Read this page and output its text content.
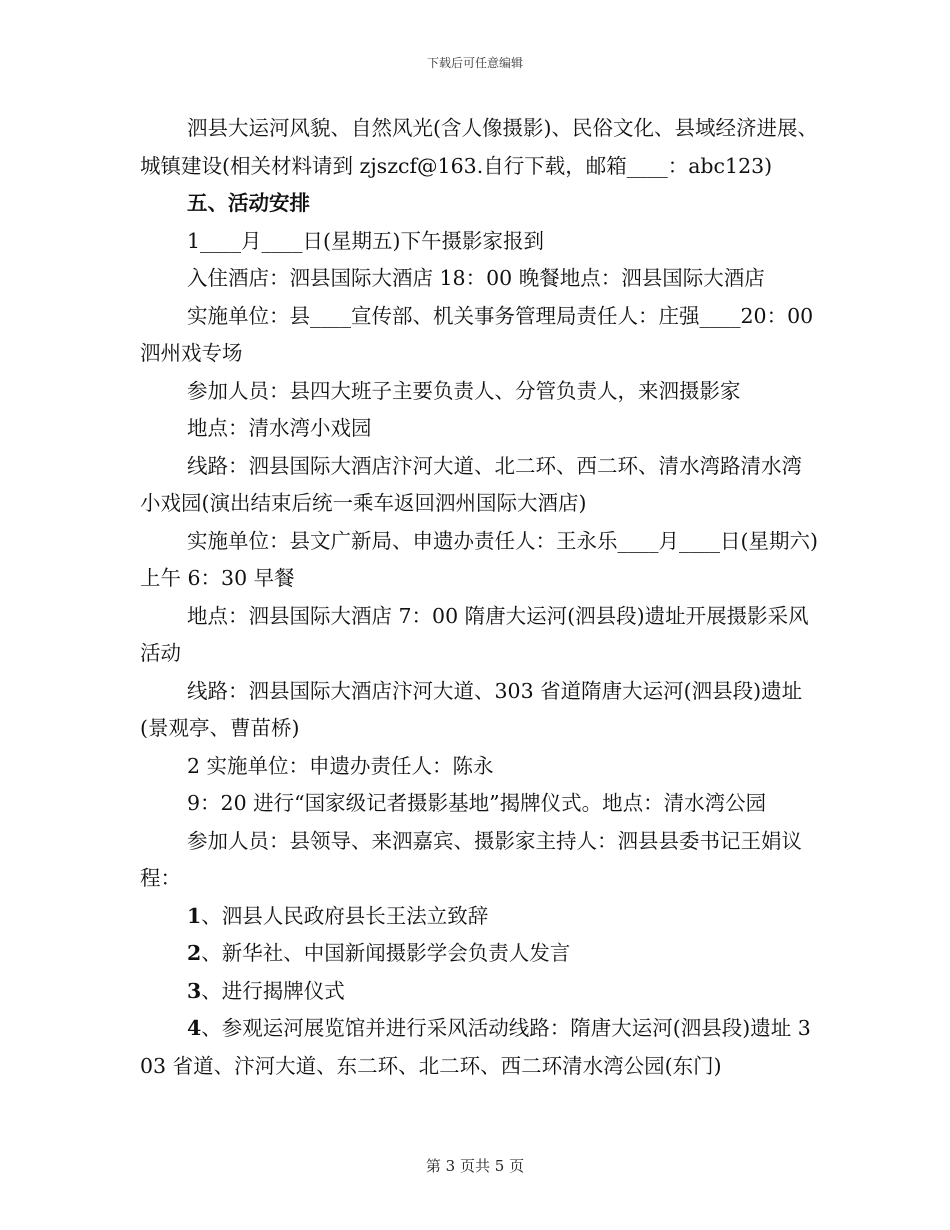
下载后可任意编辑

泗县大运河风貌、自然风光(含人像摄影)、民俗文化、县域经济进展、城镇建设(相关材料请到 zjszcf@163.自行下载，邮箱____：abc123)

五、活动安排

1____月____日(星期五)下午摄影家报到

入住酒店：泗县国际大酒店 18：00 晚餐地点：泗县国际大酒店

实施单位：县____宣传部、机关事务管理局责任人：庄强____20：00 泗州戏专场

参加人员：县四大班子主要负责人、分管负责人，来泗摄影家

地点：清水湾小戏园

线路：泗县国际大酒店汴河大道、北二环、西二环、清水湾路清水湾小戏园(演出结束后统一乘车返回泗州国际大酒店)

实施单位：县文广新局、申遗办责任人：王永乐____月____日(星期六)上午 6：30 早餐

地点：泗县国际大酒店 7：00 隋唐大运河(泗县段)遗址开展摄影采风活动

线路：泗县国际大酒店汴河大道、303 省道隋唐大运河(泗县段)遗址(景观亭、曹苗桥)

2 实施单位：申遗办责任人：陈永

9：20 进行“国家级记者摄影基地”揭牌仪式。地点：清水湾公园

参加人员：县领导、来泗嘉宾、摄影家主持人：泗县县委书记王娟议程：

1、泗县人民政府县长王法立致辞

2、新华社、中国新闻摄影学会负责人发言

3、进行揭牌仪式

4、参观运河展览馆并进行采风活动线路：隋唐大运河(泗县段)遗址 303 省道、汴河大道、东二环、北二环、西二环清水湾公园(东门)

第 3 页共 5 页
